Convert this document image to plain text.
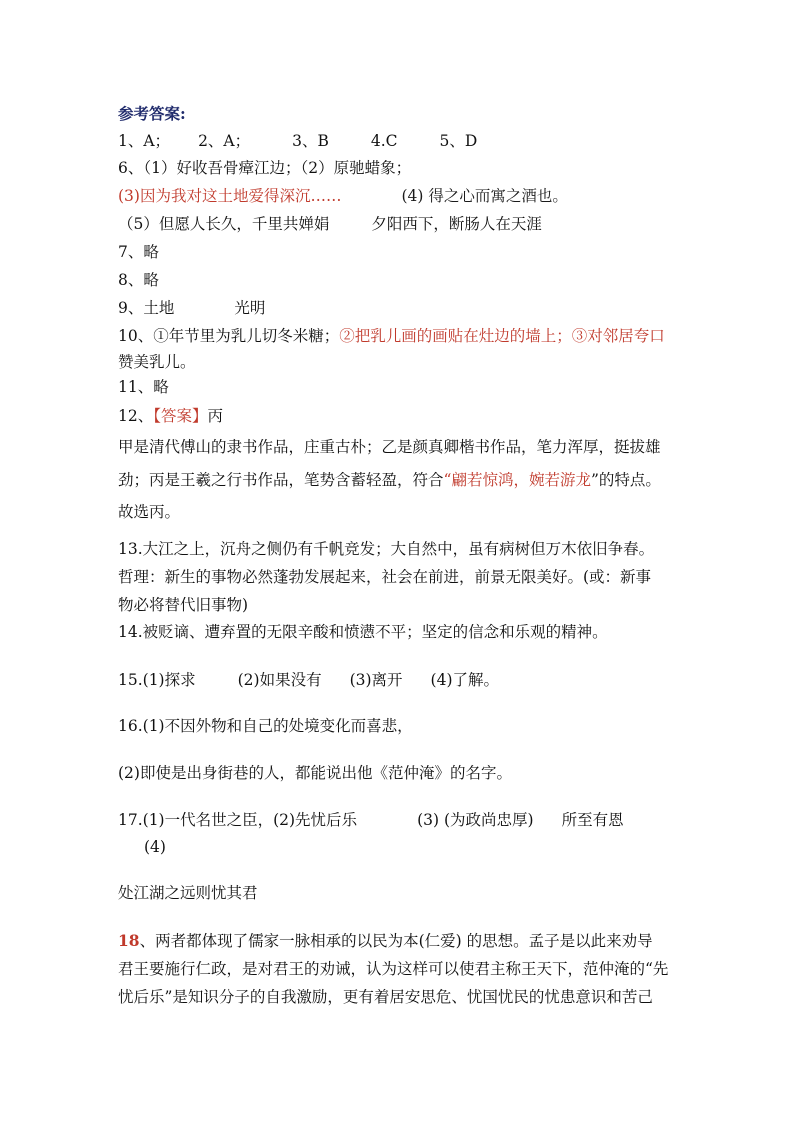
参考答案:
1、A； 2、A；	3、B	4.C	5、D
6、（1）好收吾骨瘴江边；（2）原驰蜡象；
(3)因为我对这土地爱得深沉……	(4) 得之心而寓之酒也。
（5）但愿人长久，千里共婵娟	夕阳西下，断肠人在天涯
7、略
8、略
9、土地	光明
10、①年节里为乳儿切冬米糖；②把乳儿画的画贴在灶边的墙上；③对邻居夸口
赞美乳儿。
11、略
12、【答案】丙
甲是清代傅山的隶书作品，庄重古朴；乙是颜真卿楷书作品，笔力浑厚，挺拔雄
劲；丙是王羲之行书作品，笔势含蓄轻盈，符合“翩若惊鸿，婉若游龙”的特点。
故选丙。
13.大江之上，沉舟之侧仍有千帆竞发；大自然中，虽有病树但万木依旧争春。
哲理：新生的事物必然蓬勃发展起来，社会在前进，前景无限美好。(或：新事
物必将替代旧事物)
14.被贬谪、遭弃置的无限辛酸和愤懑不平；坚定的信念和乐观的精神。
15.(1)探求	(2)如果没有 (3)离开 (4)了解。
16.(1)不因外物和自己的处境变化而喜悲，
(2)即使是出身街巷的人，都能说出他《范仲淹》的名字。
17.(1)一代名世之臣，(2)先忧后乐	(3) (为政尚忠厚) 所至有恩
(4)
处江湖之远则忧其君
18、两者都体现了儒家一脉相承的以民为本(仁爱) 的思想。孟子是以此来劝导
君王要施行仁政，是对君王的劝诫，认为这样可以使君主称王天下，范仲淹的“先
忧后乐”是知识分子的自我激励，更有着居安思危、忧国忧民的忧患意识和苦己
